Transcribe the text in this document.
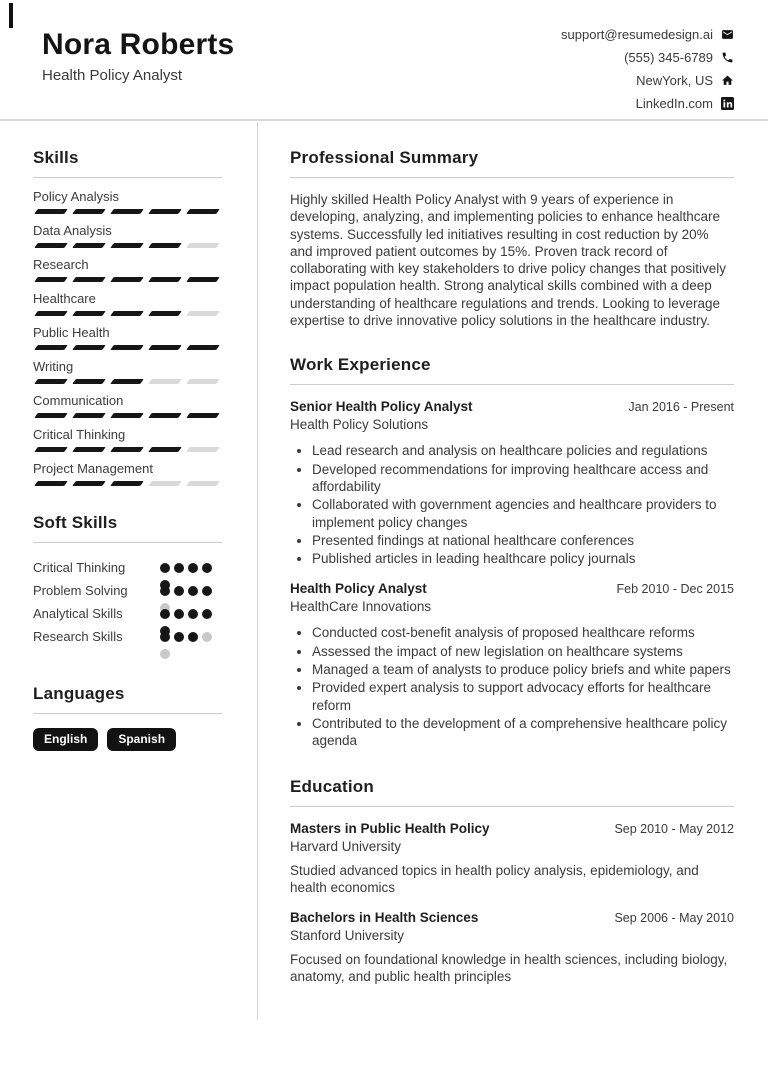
Nora Roberts
Health Policy Analyst
support@resumedesign.ai
(555) 345-6789
NewYork, US
LinkedIn.com
Skills
Policy Analysis
Data Analysis
Research
Healthcare
Public Health
Writing
Communication
Critical Thinking
Project Management
Soft Skills
Critical Thinking
Problem Solving
Analytical Skills
Research Skills
Languages
English	Spanish
Professional Summary

Highly skilled Health Policy Analyst with 9 years of experience in developing, analyzing, and implementing policies to enhance healthcare systems. Successfully led initiatives resulting in cost reduction by 20% and improved patient outcomes by 15%. Proven track record of collaborating with key stakeholders to drive policy changes that positively impact population health. Strong analytical skills combined with a deep understanding of healthcare regulations and trends. Looking to leverage expertise to drive innovative policy solutions in the healthcare industry.

Work Experience
Senior Health Policy Analyst	Jan 2016 - Present
Health Policy Solutions
• Lead research and analysis on healthcare policies and regulations
• Developed recommendations for improving healthcare access and affordability
• Collaborated with government agencies and healthcare providers to implement policy changes
• Presented findings at national healthcare conferences
• Published articles in leading healthcare policy journals
Health Policy Analyst	Feb 2010 - Dec 2015
HealthCare Innovations
• Conducted cost-benefit analysis of proposed healthcare reforms
• Assessed the impact of new legislation on healthcare systems
• Managed a team of analysts to produce policy briefs and white papers
• Provided expert analysis to support advocacy efforts for healthcare reform
• Contributed to the development of a comprehensive healthcare policy agenda
Education
Masters in Public Health Policy	Sep 2010 - May 2012
Harvard University
Studied advanced topics in health policy analysis, epidemiology, and health economics
Bachelors in Health Sciences	Sep 2006 - May 2010
Stanford University
Focused on foundational knowledge in health sciences, including biology, anatomy, and public health principles
